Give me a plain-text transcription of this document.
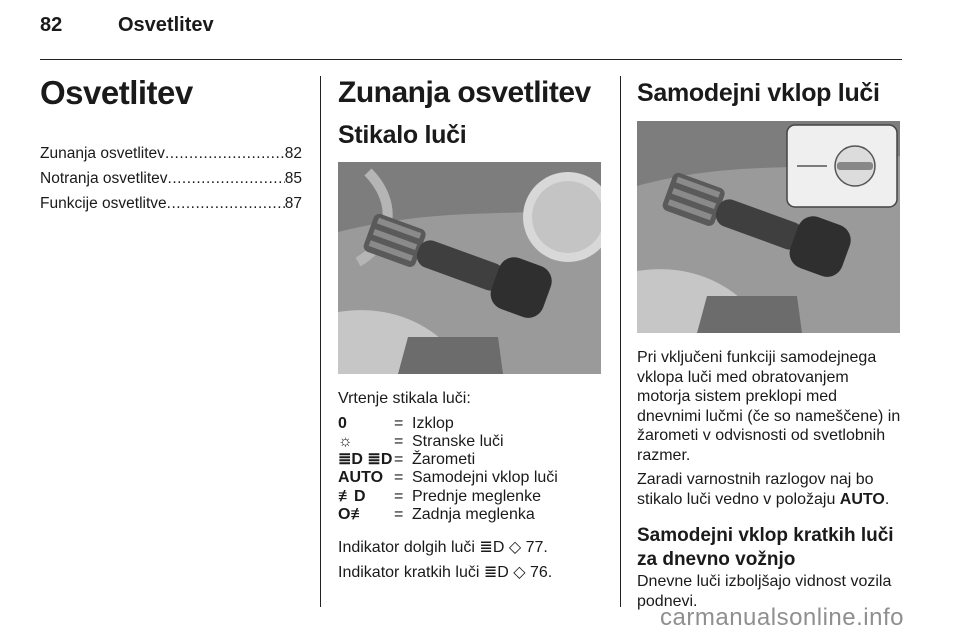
82	Osvetlitev
Osvetlitev
Zunanja osvetlitev .....	82
Notranja osvetlitev .....	85
Funkcije osvetlitve .....	87
Zunanja osvetlitev
Stikalo luči
Vrtenje stikala luči:
0	= Izklop
☼	= Stranske luči
≣D ≣D = Žarometi
AUTO = Samodejni vklop luči
≢D	= Prednje meglenke
O≢	= Zadnja meglenka
Indikator dolgih luči ≣D ◇ 77.
Indikator kratkih luči ≣D ◇ 76.
Samodejni vklop luči
Pri vključeni funkciji samodejnega vklopa luči med obratovanjem motorja sistem preklopi med dnevnimi lučmi (če so nameščene) in žarometi v odvisnosti od svetlobnih razmer.
Zaradi varnostnih razlogov naj bo stikalo luči vedno v položaju AUTO.
Samodejni vklop kratkih luči za dnevno vožnjo
Dnevne luči izboljšajo vidnost vozila podnevi.
carmanualsonline.info
